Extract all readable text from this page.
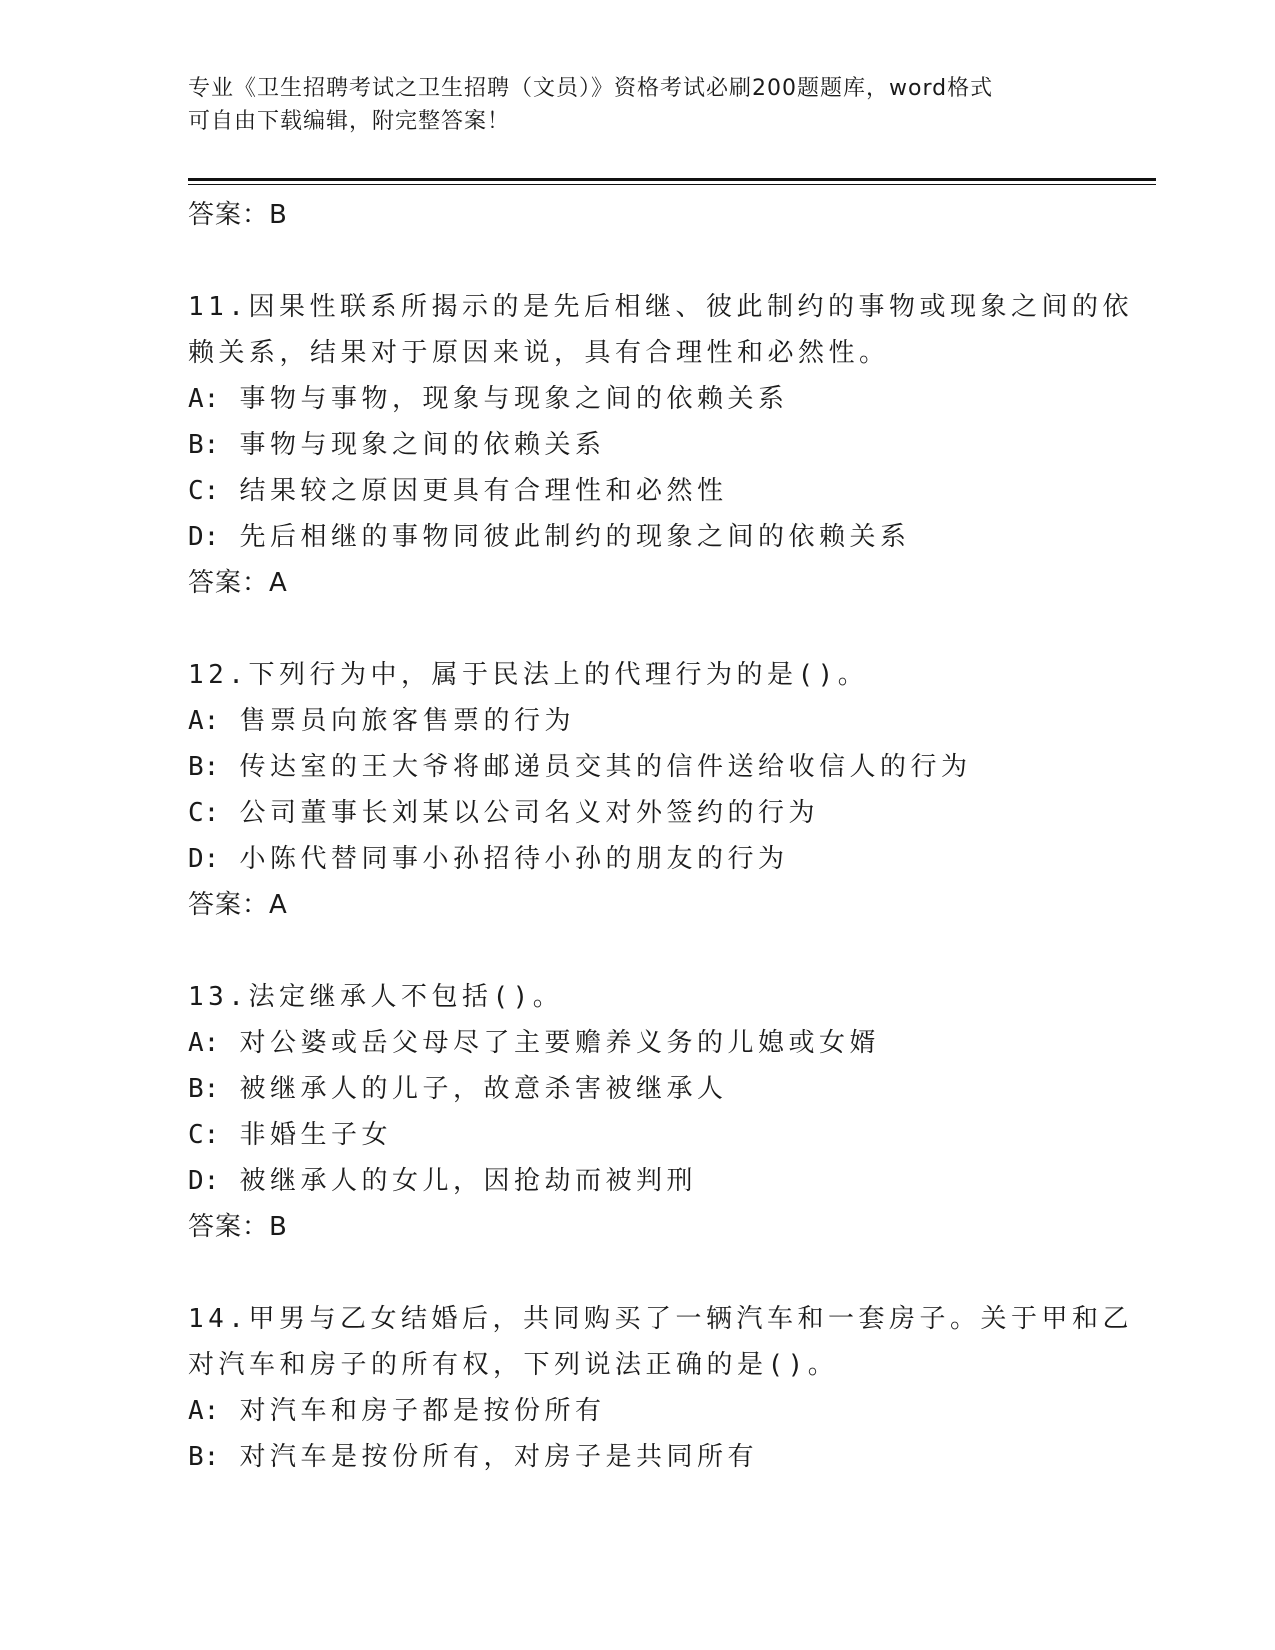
专业《卫生招聘考试之卫生招聘（文员）》资格考试必刷200题题库，word格式
可自由下载编辑，附完整答案！
答案：B
11.因果性联系所揭示的是先后相继、彼此制约的事物或现象之间的依
赖关系，结果对于原因来说，具有合理性和必然性。
A: 事物与事物，现象与现象之间的依赖关系
B: 事物与现象之间的依赖关系
C: 结果较之原因更具有合理性和必然性
D: 先后相继的事物同彼此制约的现象之间的依赖关系
答案：A
12.下列行为中，属于民法上的代理行为的是()。
A: 售票员向旅客售票的行为
B: 传达室的王大爷将邮递员交其的信件送给收信人的行为
C: 公司董事长刘某以公司名义对外签约的行为
D: 小陈代替同事小孙招待小孙的朋友的行为
答案：A
13.法定继承人不包括()。
A: 对公婆或岳父母尽了主要赡养义务的儿媳或女婿
B: 被继承人的儿子，故意杀害被继承人
C: 非婚生子女
D: 被继承人的女儿，因抢劫而被判刑
答案：B
14.甲男与乙女结婚后，共同购买了一辆汽车和一套房子。关于甲和乙
对汽车和房子的所有权，下列说法正确的是()。
A: 对汽车和房子都是按份所有
B: 对汽车是按份所有，对房子是共同所有
